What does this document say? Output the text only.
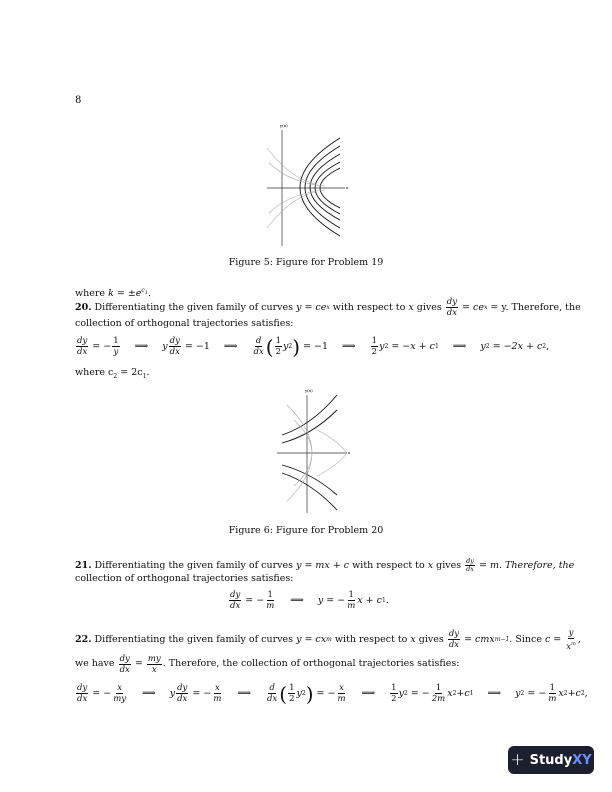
8
y(x)
x
Figure 5: Figure for Problem 19
where $k = \pm e^{c_1}$.
20. Differentiating the given family of curves y = ce x with respect to x gives $\frac{dy}{dx}$ = ce x = y. Therefore, the
collection of orthogonal trajectories satisfies:
$\frac{dy}{dx}$ = − $\frac{1}{y}$ ⟹ y $\frac{dy}{dx} = -1$ ⟹ $\frac{d}{dx}$ ( $\frac{1}{2}$ y 2 ) = −1 ⟹ $\frac{1}{2}$ y 2 = −x + c 1 ⟹ y 2 = −2x + c 2 ,
where $c_2 = 2c_1$.
y(x)
x
Figure 6: Figure for Problem 20
21. Differentiating the given family of curves y = mx + c with respect to x gives $\frac{dy}{dx} = m$. Therefore, the
collection of orthogonal trajectories satisfies:
$\frac{dy}{dx}$ = − $\frac{1}{m}$ ⟹ y = − $\frac{1}{m}$ x + c 1 .
22. Differentiating the given family of curves y = cx m with respect to x gives $\frac{dy}{dx}$ = cmx m−1 . Since $c = \frac{y}{x^m}$ ,
we have $\frac{dy}{dx} = \frac{my}{x}$ . Therefore, the collection of orthogonal trajectories satisfies:
$\frac{dy}{dx}$ = − $\frac{x}{my}$ ⟹ y $\frac{dy}{dx}$ = − $\frac{x}{m}$ ⟹ $\frac{d}{dx}$ ( $\frac{1}{2}$ y 2 ) = − $\frac{x}{m}$ ⟹ $\frac{1}{2}$ y 2 = − $\frac{1}{2m}$ x 2 +c 1 ⟹ y 2 = − $\frac{1}{m}$ x 2 +c 2 ,
+ StudyXY
